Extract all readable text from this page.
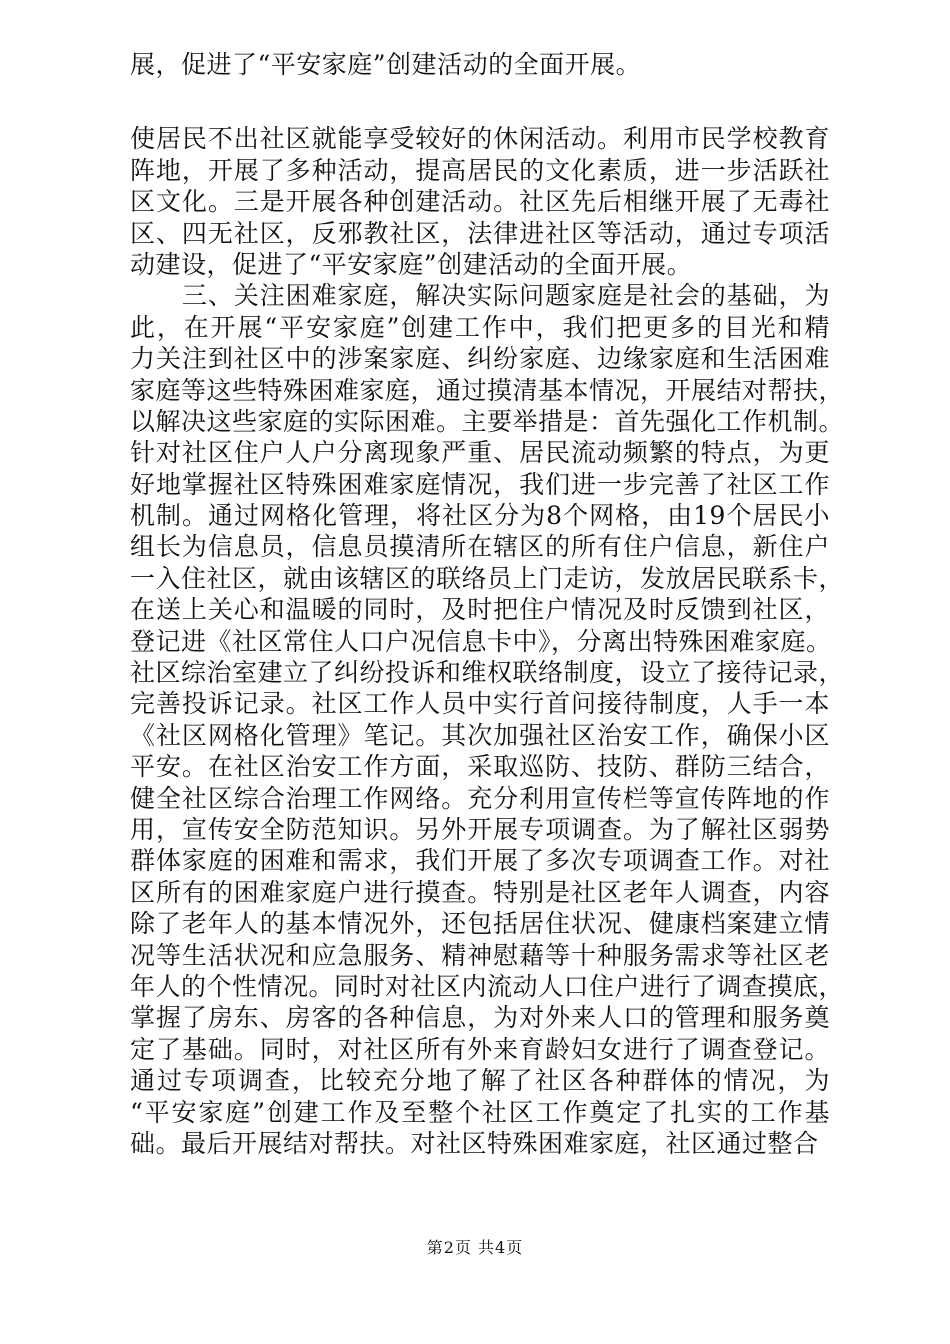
展，促进了“平安家庭”创建活动的全面开展。
使居民不出社区就能享受较好的休闲活动。利用市民学校教育
阵地，开展了多种活动，提高居民的文化素质，进一步活跃社
区文化。三是开展各种创建活动。社区先后相继开展了无毒社
区、四无社区，反邪教社区，法律进社区等活动，通过专项活
动建设，促进了“平安家庭”创建活动的全面开展。
　　三、关注困难家庭，解决实际问题家庭是社会的基础，为
此，在开展“平安家庭”创建工作中，我们把更多的目光和精
力关注到社区中的涉案家庭、纠纷家庭、边缘家庭和生活困难
家庭等这些特殊困难家庭，通过摸清基本情况，开展结对帮扶，
以解决这些家庭的实际困难。主要举措是：首先强化工作机制。
针对社区住户人户分离现象严重、居民流动频繁的特点，为更
好地掌握社区特殊困难家庭情况，我们进一步完善了社区工作
机制。通过网格化管理，将社区分为8个网格，由19个居民小
组长为信息员，信息员摸清所在辖区的所有住户信息，新住户
一入住社区，就由该辖区的联络员上门走访，发放居民联系卡，
在送上关心和温暖的同时，及时把住户情况及时反馈到社区，
登记进《社区常住人口户况信息卡中》，分离出特殊困难家庭。
社区综治室建立了纠纷投诉和维权联络制度，设立了接待记录，
完善投诉记录。社区工作人员中实行首问接待制度，人手一本
《社区网格化管理》笔记。其次加强社区治安工作，确保小区
平安。在社区治安工作方面，采取巡防、技防、群防三结合，
健全社区综合治理工作网络。充分利用宣传栏等宣传阵地的作
用，宣传安全防范知识。另外开展专项调查。为了解社区弱势
群体家庭的困难和需求，我们开展了多次专项调查工作。对社
区所有的困难家庭户进行摸查。特别是社区老年人调查，内容
除了老年人的基本情况外，还包括居住状况、健康档案建立情
况等生活状况和应急服务、精神慰藉等十种服务需求等社区老
年人的个性情况。同时对社区内流动人口住户进行了调查摸底，
掌握了房东、房客的各种信息，为对外来人口的管理和服务奠
定了基础。同时，对社区所有外来育龄妇女进行了调查登记。
通过专项调查，比较充分地了解了社区各种群体的情况，为
“平安家庭”创建工作及至整个社区工作奠定了扎实的工作基
础。最后开展结对帮扶。对社区特殊困难家庭，社区通过整合
第2页 共4页
